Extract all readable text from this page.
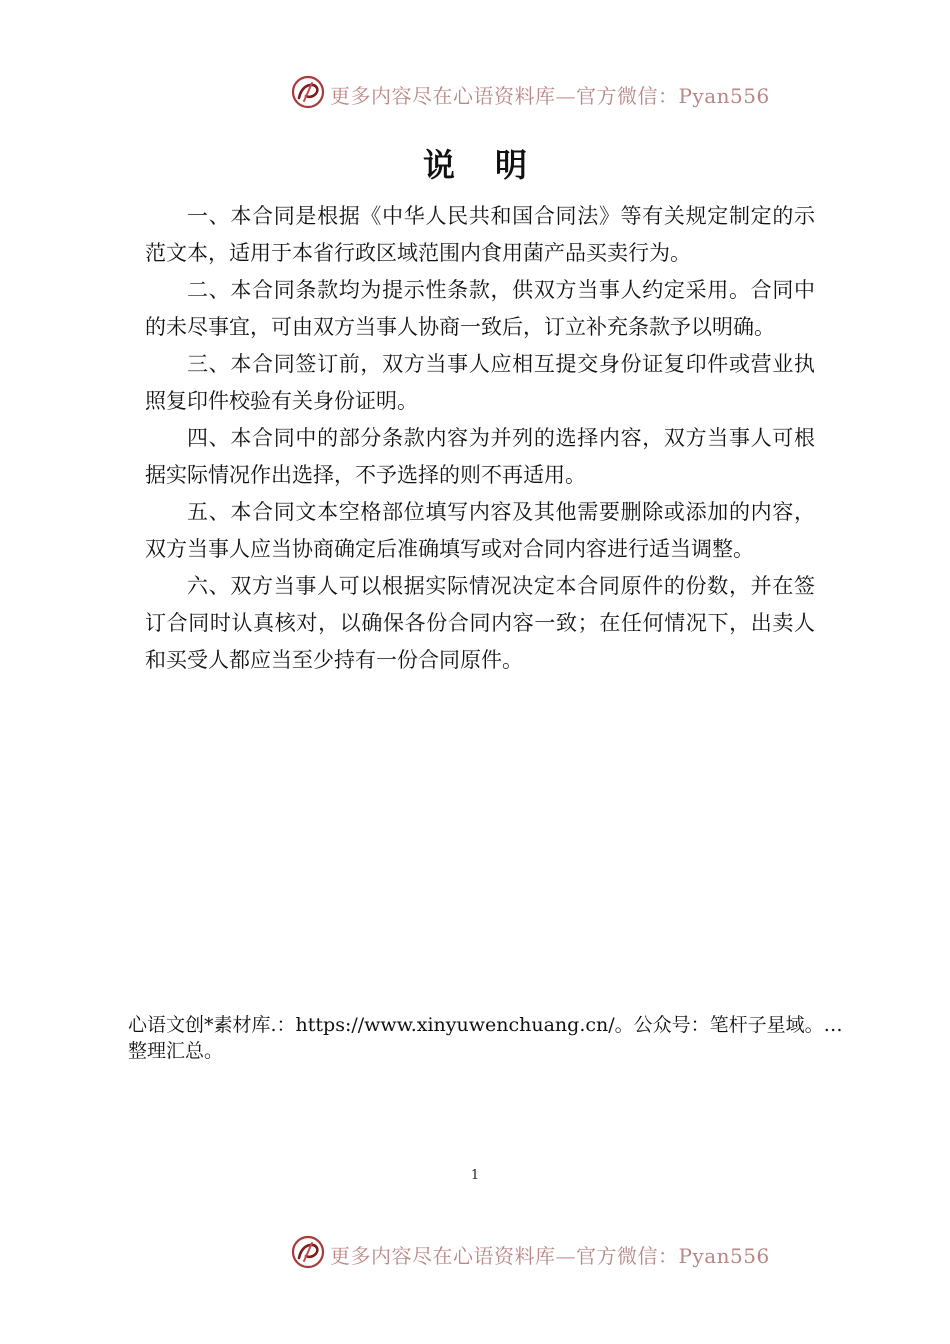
更多内容尽在心语资料库—官方微信：Pyan556
说明

一、本合同是根据《中华人民共和国合同法》等有关规定制定的示范文本，适用于本省行政区域范围内食用菌产品买卖行为。

二、本合同条款均为提示性条款，供双方当事人约定采用。合同中的未尽事宜，可由双方当事人协商一致后，订立补充条款予以明确。

三、本合同签订前，双方当事人应相互提交身份证复印件或营业执照复印件校验有关身份证明。

四、本合同中的部分条款内容为并列的选择内容，双方当事人可根据实际情况作出选择，不予选择的则不再适用。

五、本合同文本空格部位填写内容及其他需要删除或添加的内容，双方当事人应当协商确定后准确填写或对合同内容进行适当调整。

六、双方当事人可以根据实际情况决定本合同原件的份数，并在签订合同时认真核对，以确保各份合同内容一致；在任何情况下，出卖人和买受人都应当至少持有一份合同原件。

心语文创*素材库.：https://www.xinyuwenchuang.cn/。公众号：笔杆子星域。…
整理汇总。
1
更多内容尽在心语资料库—官方微信：Pyan556
